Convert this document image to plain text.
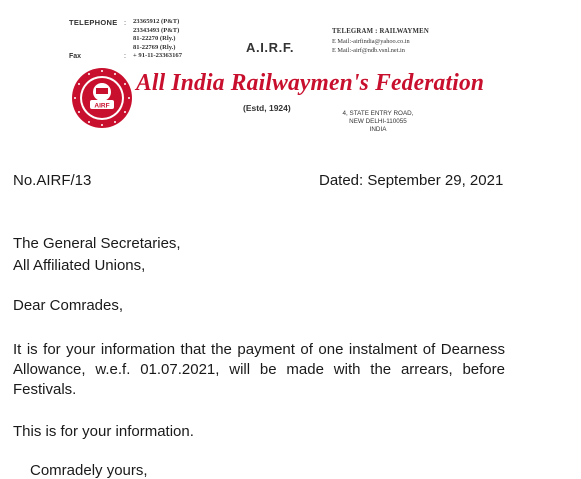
TELEPHONE : 23365912 (P&T)
23343493 (P&T)
81-22270 (Rly.)
81-22769 (Rly.)
+ 91-11-23363167
Fax	:
A.I.R.F.
TELEGRAM : RAILWAYMEN
E Mail:-airfindia@yahoo.co.in
E Mail:-airf@ndb.vsnl.net.in
AIRF
All India Railwaymen's Federation
(Estd, 1924)
4, STATE ENTRY ROAD,
NEW DELHI-110055
INDIA
No.AIRF/13	Dated: September 29, 2021
The General Secretaries,
All Affiliated Unions,
Dear Comrades,
It is for your information that the payment of one instalment of Dearness Allowance, w.e.f. 01.07.2021, will be made with the arrears, before Festivals.
This is for your information.
Comradely yours,
